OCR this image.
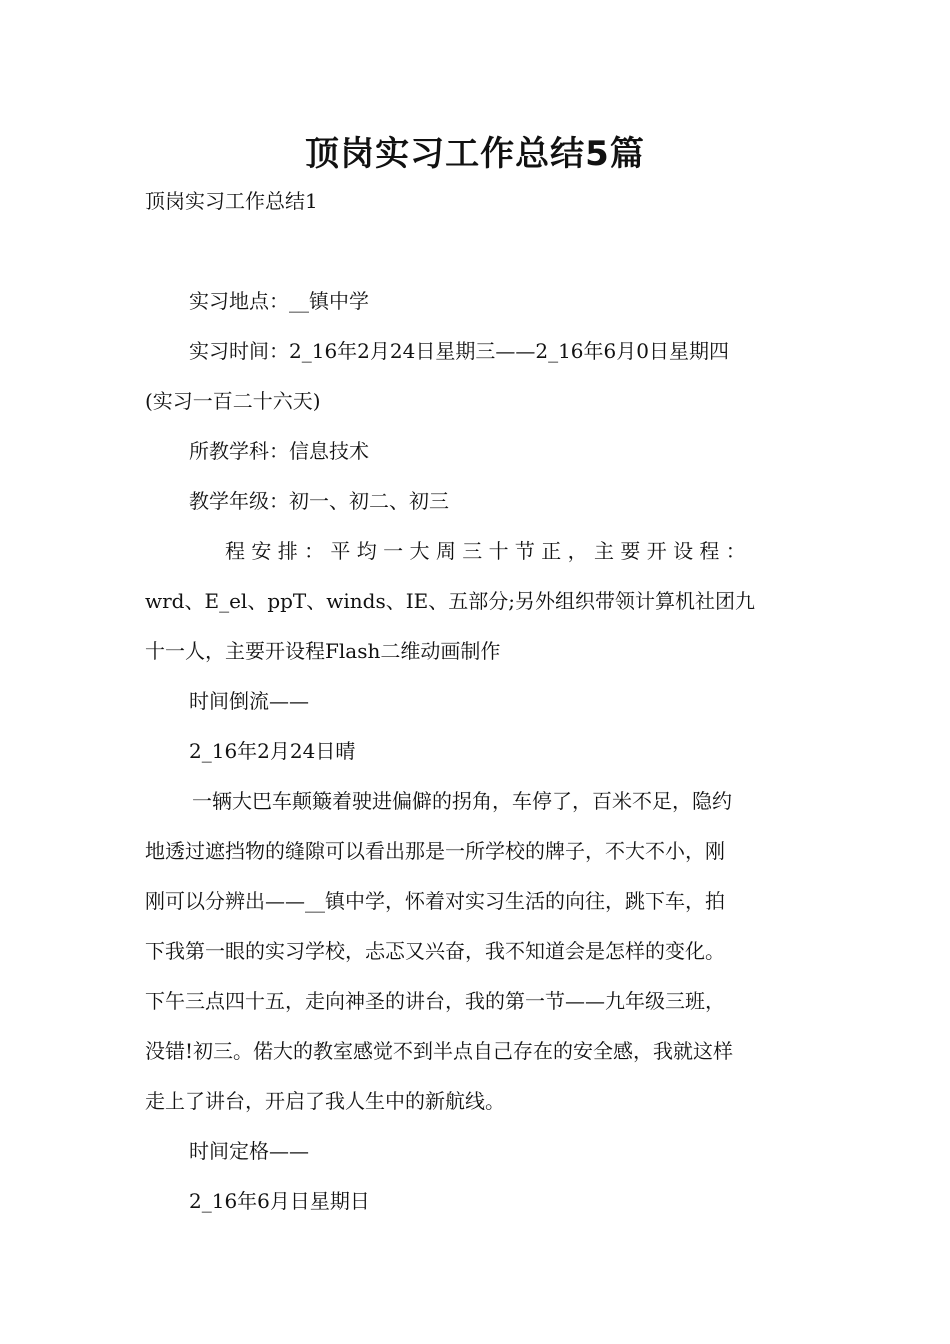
顶岗实习工作总结5篇
顶岗实习工作总结1
实习地点：__镇中学
实习时间：2_16年2月24日星期三——2_16年6月0日星期四
(实习一百二十六天)
所教学科：信息技术
教学年级：初一、初二、初三
程 安 排 ： 平 均 一 大 周 三 十 节 正 ， 主 要 开 设 程 ：
wrd、E_el、ppT、winds、IE、五部分;另外组织带领计算机社团九
十一人，主要开设程Flash二维动画制作
时间倒流——
2_16年2月24日晴
一辆大巴车颠簸着驶进偏僻的拐角，车停了，百米不足，隐约
地透过遮挡物的缝隙可以看出那是一所学校的牌子，不大不小，刚
刚可以分辨出——__镇中学，怀着对实习生活的向往，跳下车，拍
下我第一眼的实习学校，忐忑又兴奋，我不知道会是怎样的变化。
下午三点四十五，走向神圣的讲台，我的第一节——九年级三班，
没错!初三。偌大的教室感觉不到半点自己存在的安全感，我就这样
走上了讲台，开启了我人生中的新航线。
时间定格——
2_16年6月日星期日
